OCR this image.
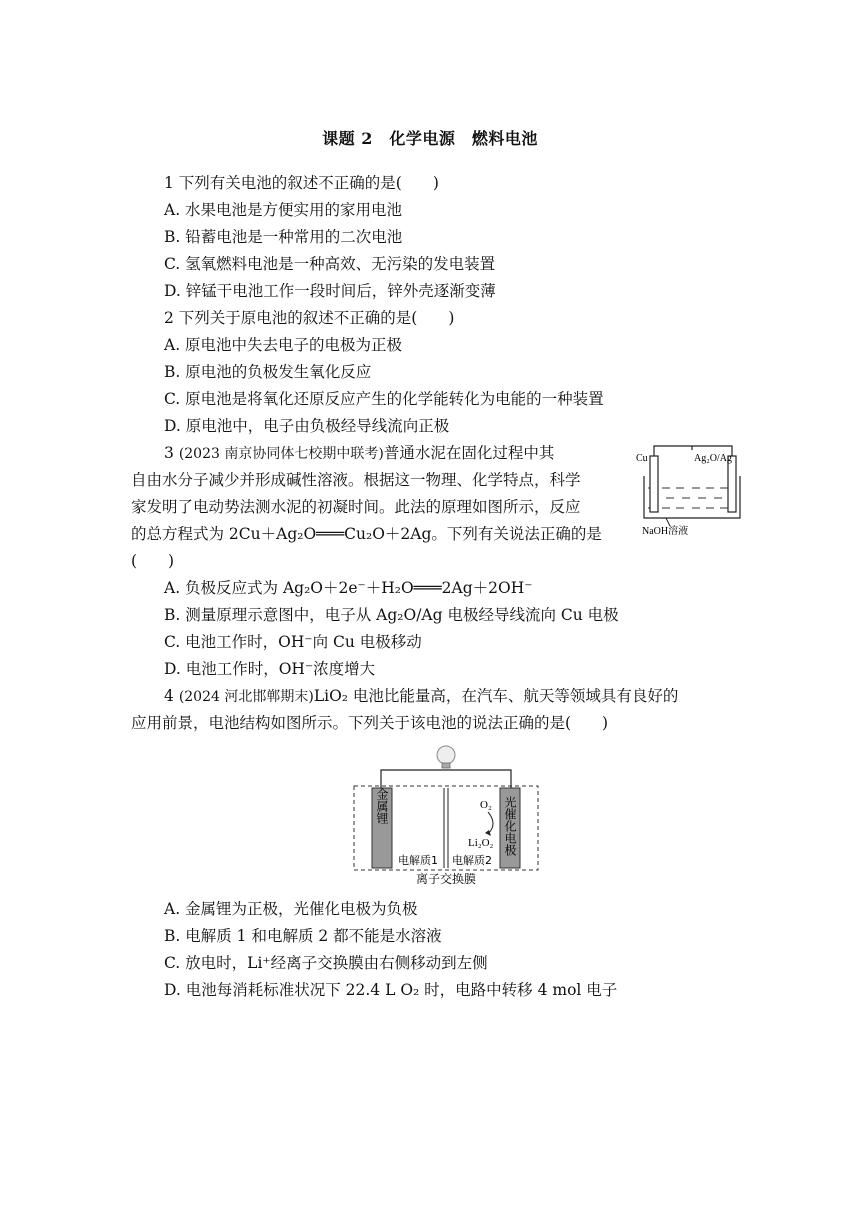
课题 2　化学电源　燃料电池
1 下列有关电池的叙述不正确的是(　　)
A. 水果电池是方便实用的家用电池
B. 铅蓄电池是一种常用的二次电池
C. 氢氧燃料电池是一种高效、无污染的发电装置
D. 锌锰干电池工作一段时间后，锌外壳逐渐变薄
2 下列关于原电池的叙述不正确的是(　　)
A. 原电池中失去电子的电极为正极
B. 原电池的负极发生氧化反应
C. 原电池是将氧化还原反应产生的化学能转化为电能的一种装置
D. 原电池中，电子由负极经导线流向正极
3 (2023 南京协同体七校期中联考)普通水泥在固化过程中其
自由水分子减少并形成碱性溶液。根据这一物理、化学特点，科学
家发明了电动势法测水泥的初凝时间。此法的原理如图所示，反应
的总方程式为 2Cu＋Ag₂O═══Cu₂O＋2Ag。下列有关说法正确的是
(　　)
A. 负极反应式为 Ag₂O＋2e⁻＋H₂O═══2Ag＋2OH⁻
B. 测量原理示意图中，电子从 Ag₂O/Ag 电极经导线流向 Cu 电极
C. 电池工作时，OH⁻向 Cu 电极移动
D. 电池工作时，OH⁻浓度增大
Cu	Ag₂O/Ag
NaOH溶液
4 (2024 河北邯郸期末)LiO₂ 电池比能量高，在汽车、航天等领域具有良好的
应用前景，电池结构如图所示。下列关于该电池的说法正确的是(　　)
金属锂	光催化电极
O₂
Li₂O₂
电解质1 电解质2
离子交换膜
A. 金属锂为正极，光催化电极为负极
B. 电解质 1 和电解质 2 都不能是水溶液
C. 放电时，Li⁺经离子交换膜由右侧移动到左侧
D. 电池每消耗标准状况下 22.4 L O₂ 时，电路中转移 4 mol 电子
